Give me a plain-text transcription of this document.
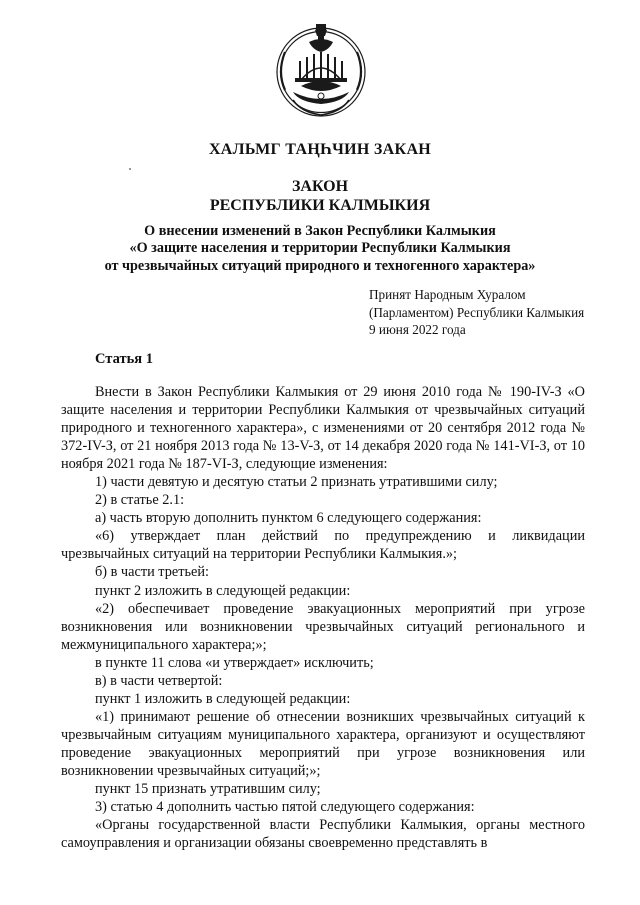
ХАЛЬМГ ТАҢҺЧИН ЗАКАН
ЗАКОН
РЕСПУБЛИКИ КАЛМЫКИЯ
О внесении изменений в Закон Республики Калмыкия
«О защите населения и территории Республики Калмыкия
от чрезвычайных ситуаций природного и техногенного характера»
Принят Народным Хуралом
(Парламентом) Республики Калмыкия
9 июня 2022 года
Статья 1

Внести в Закон Республики Калмыкия от 29 июня 2010 года № 190-IV-З «О защите населения и территории Республики Калмыкия от чрезвычайных ситуаций природного и техногенного характера», с изменениями от 20 сентября 2012 года № 372-IV-З, от 21 ноября 2013 года № 13-V-З, от 14 декабря 2020 года № 141-VI-З, от 10 ноября 2021 года № 187-VI-З, следующие изменения:

1) части девятую и десятую статьи 2 признать утратившими силу;

2) в статье 2.1:

а) часть вторую дополнить пунктом 6 следующего содержания:

«6) утверждает план действий по предупреждению и ликвидации чрезвычайных ситуаций на территории Республики Калмыкия.»;

б) в части третьей:

пункт 2 изложить в следующей редакции:

«2) обеспечивает проведение эвакуационных мероприятий при угрозе возникновения или возникновении чрезвычайных ситуаций регионального и межмуниципального характера;»;

в пункте 11 слова «и утверждает» исключить;

в) в части четвертой:

пункт 1 изложить в следующей редакции:

«1) принимают решение об отнесении возникших чрезвычайных ситуаций к чрезвычайным ситуациям муниципального характера, организуют и осуществляют проведение эвакуационных мероприятий при угрозе возникновения или возникновении чрезвычайных ситуаций;»;

пункт 15 признать утратившим силу;

3) статью 4 дополнить частью пятой следующего содержания:

«Органы государственной власти Республики Калмыкия, органы местного самоуправления и организации обязаны своевременно представлять в
